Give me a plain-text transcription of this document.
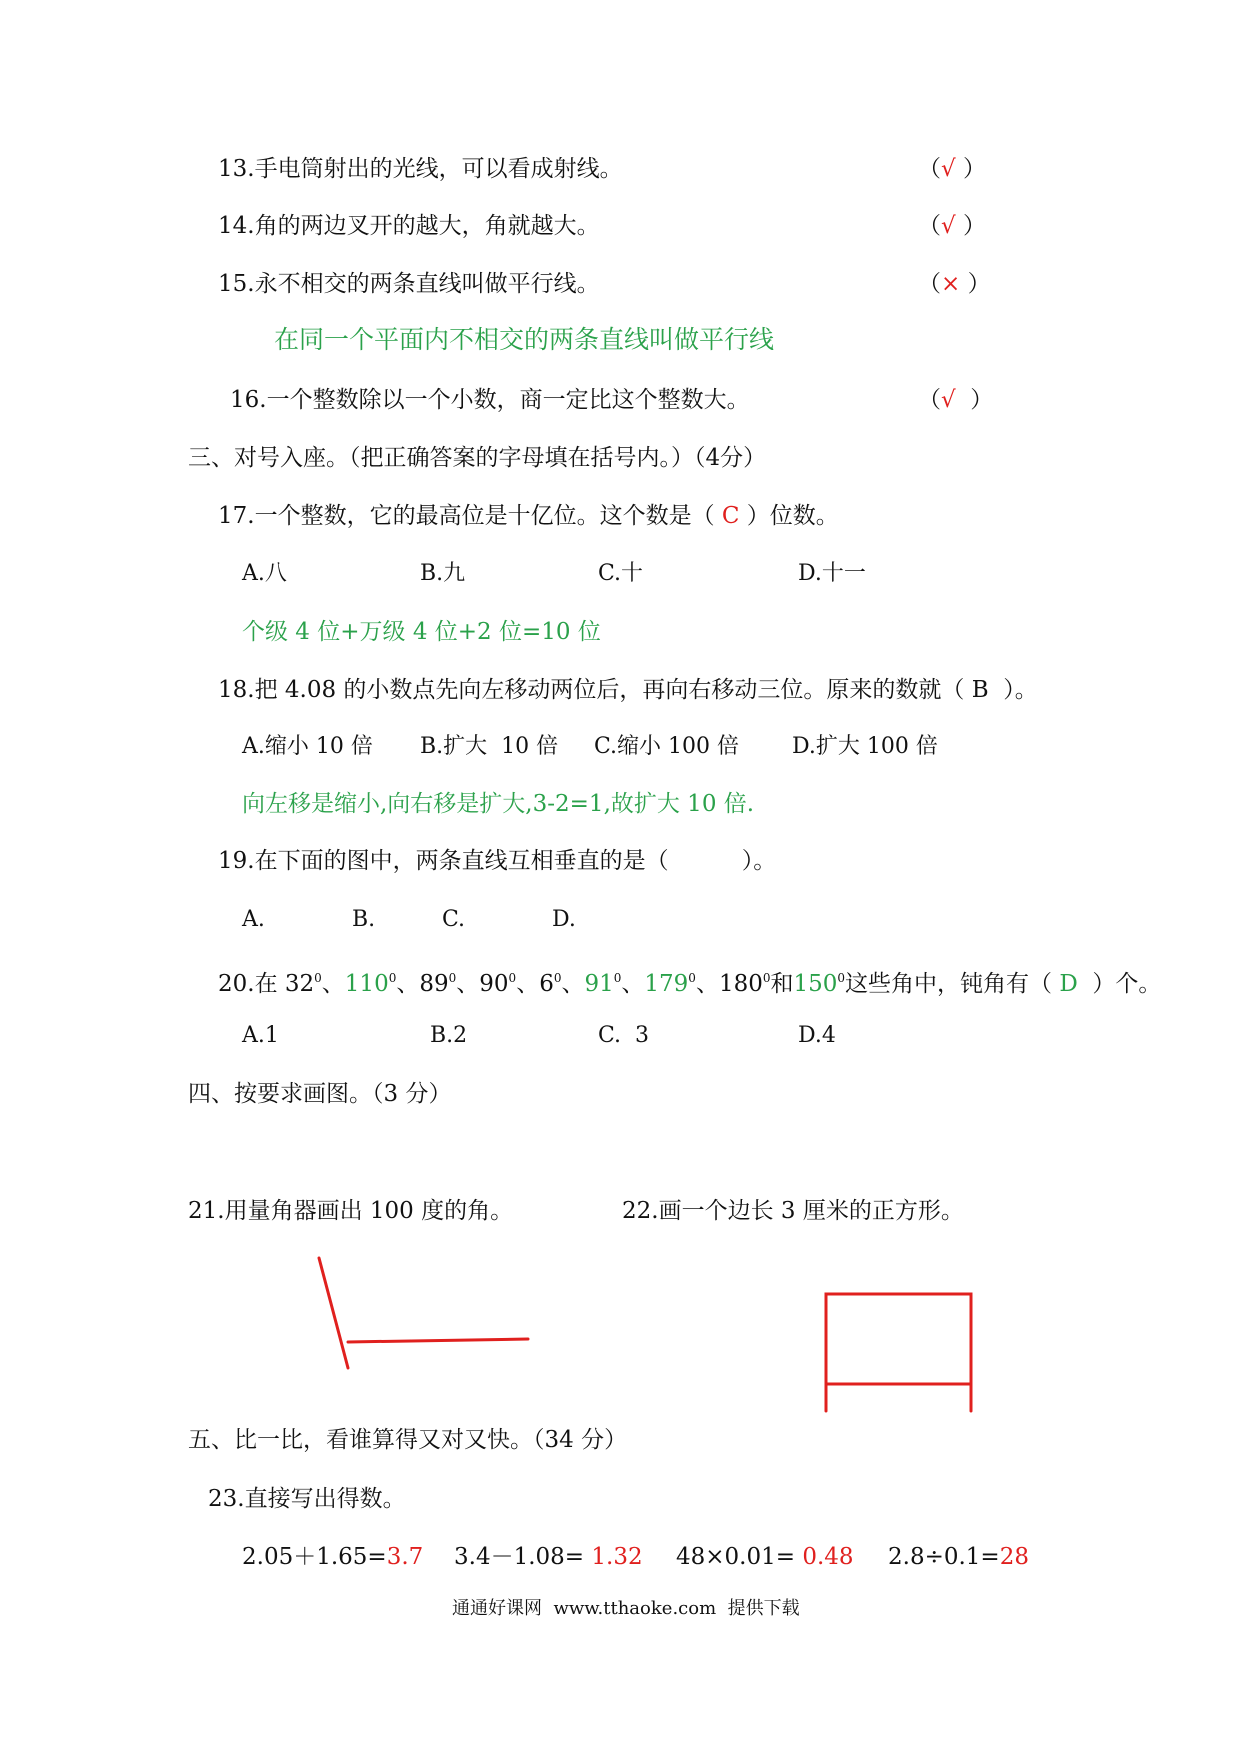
13.手电筒射出的光线，可以看成射线。	（√ ）
14.角的两边叉开的越大，角就越大。	（√ ）
15.永不相交的两条直线叫做平行线。	（× ）
在同一个平面内不相交的两条直线叫做平行线
16.一个整数除以一个小数，商一定比这个整数大。	（√ ）
三、对号入座。（把正确答案的字母填在括号内。）（4分）
17.一个整数，它的最高位是十亿位。这个数是（ C ）位数。
A.八	B.九	C.十	D.十一
个级 4 位+万级 4 位+2 位=10 位
18.把 4.08 的小数点先向左移动两位后，再向右移动三位。原来的数就（ B  ）。
A.缩小 10 倍 B.扩大  10 倍 C.缩小 100 倍 D.扩大 100 倍
向左移是缩小,向右移是扩大,3-2=1,故扩大 10 倍.
19.在下面的图中，两条直线互相垂直的是（          ）。
A.	B.	C.	D.
20.在 $32^0$、$110^0$、$89^0$、$90^0$、$6^0$、$91^0$、$179^0$、$180^0$和$150^0$这些角中，钝角有（ D  ）个。
A.1	B.2	C.  3	D.4
四、按要求画图。（3 分）
21.用量角器画出 100 度的角。	22.画一个边长 3 厘米的正方形。
五、比一比，看谁算得又对又快。（34 分）
23.直接写出得数。
2.05＋1.65=3.7 3.4－1.08= 1.32 48×0.01= 0.48 2.8÷0.1=28
通通好课网  www.tthaoke.com  提供下载
